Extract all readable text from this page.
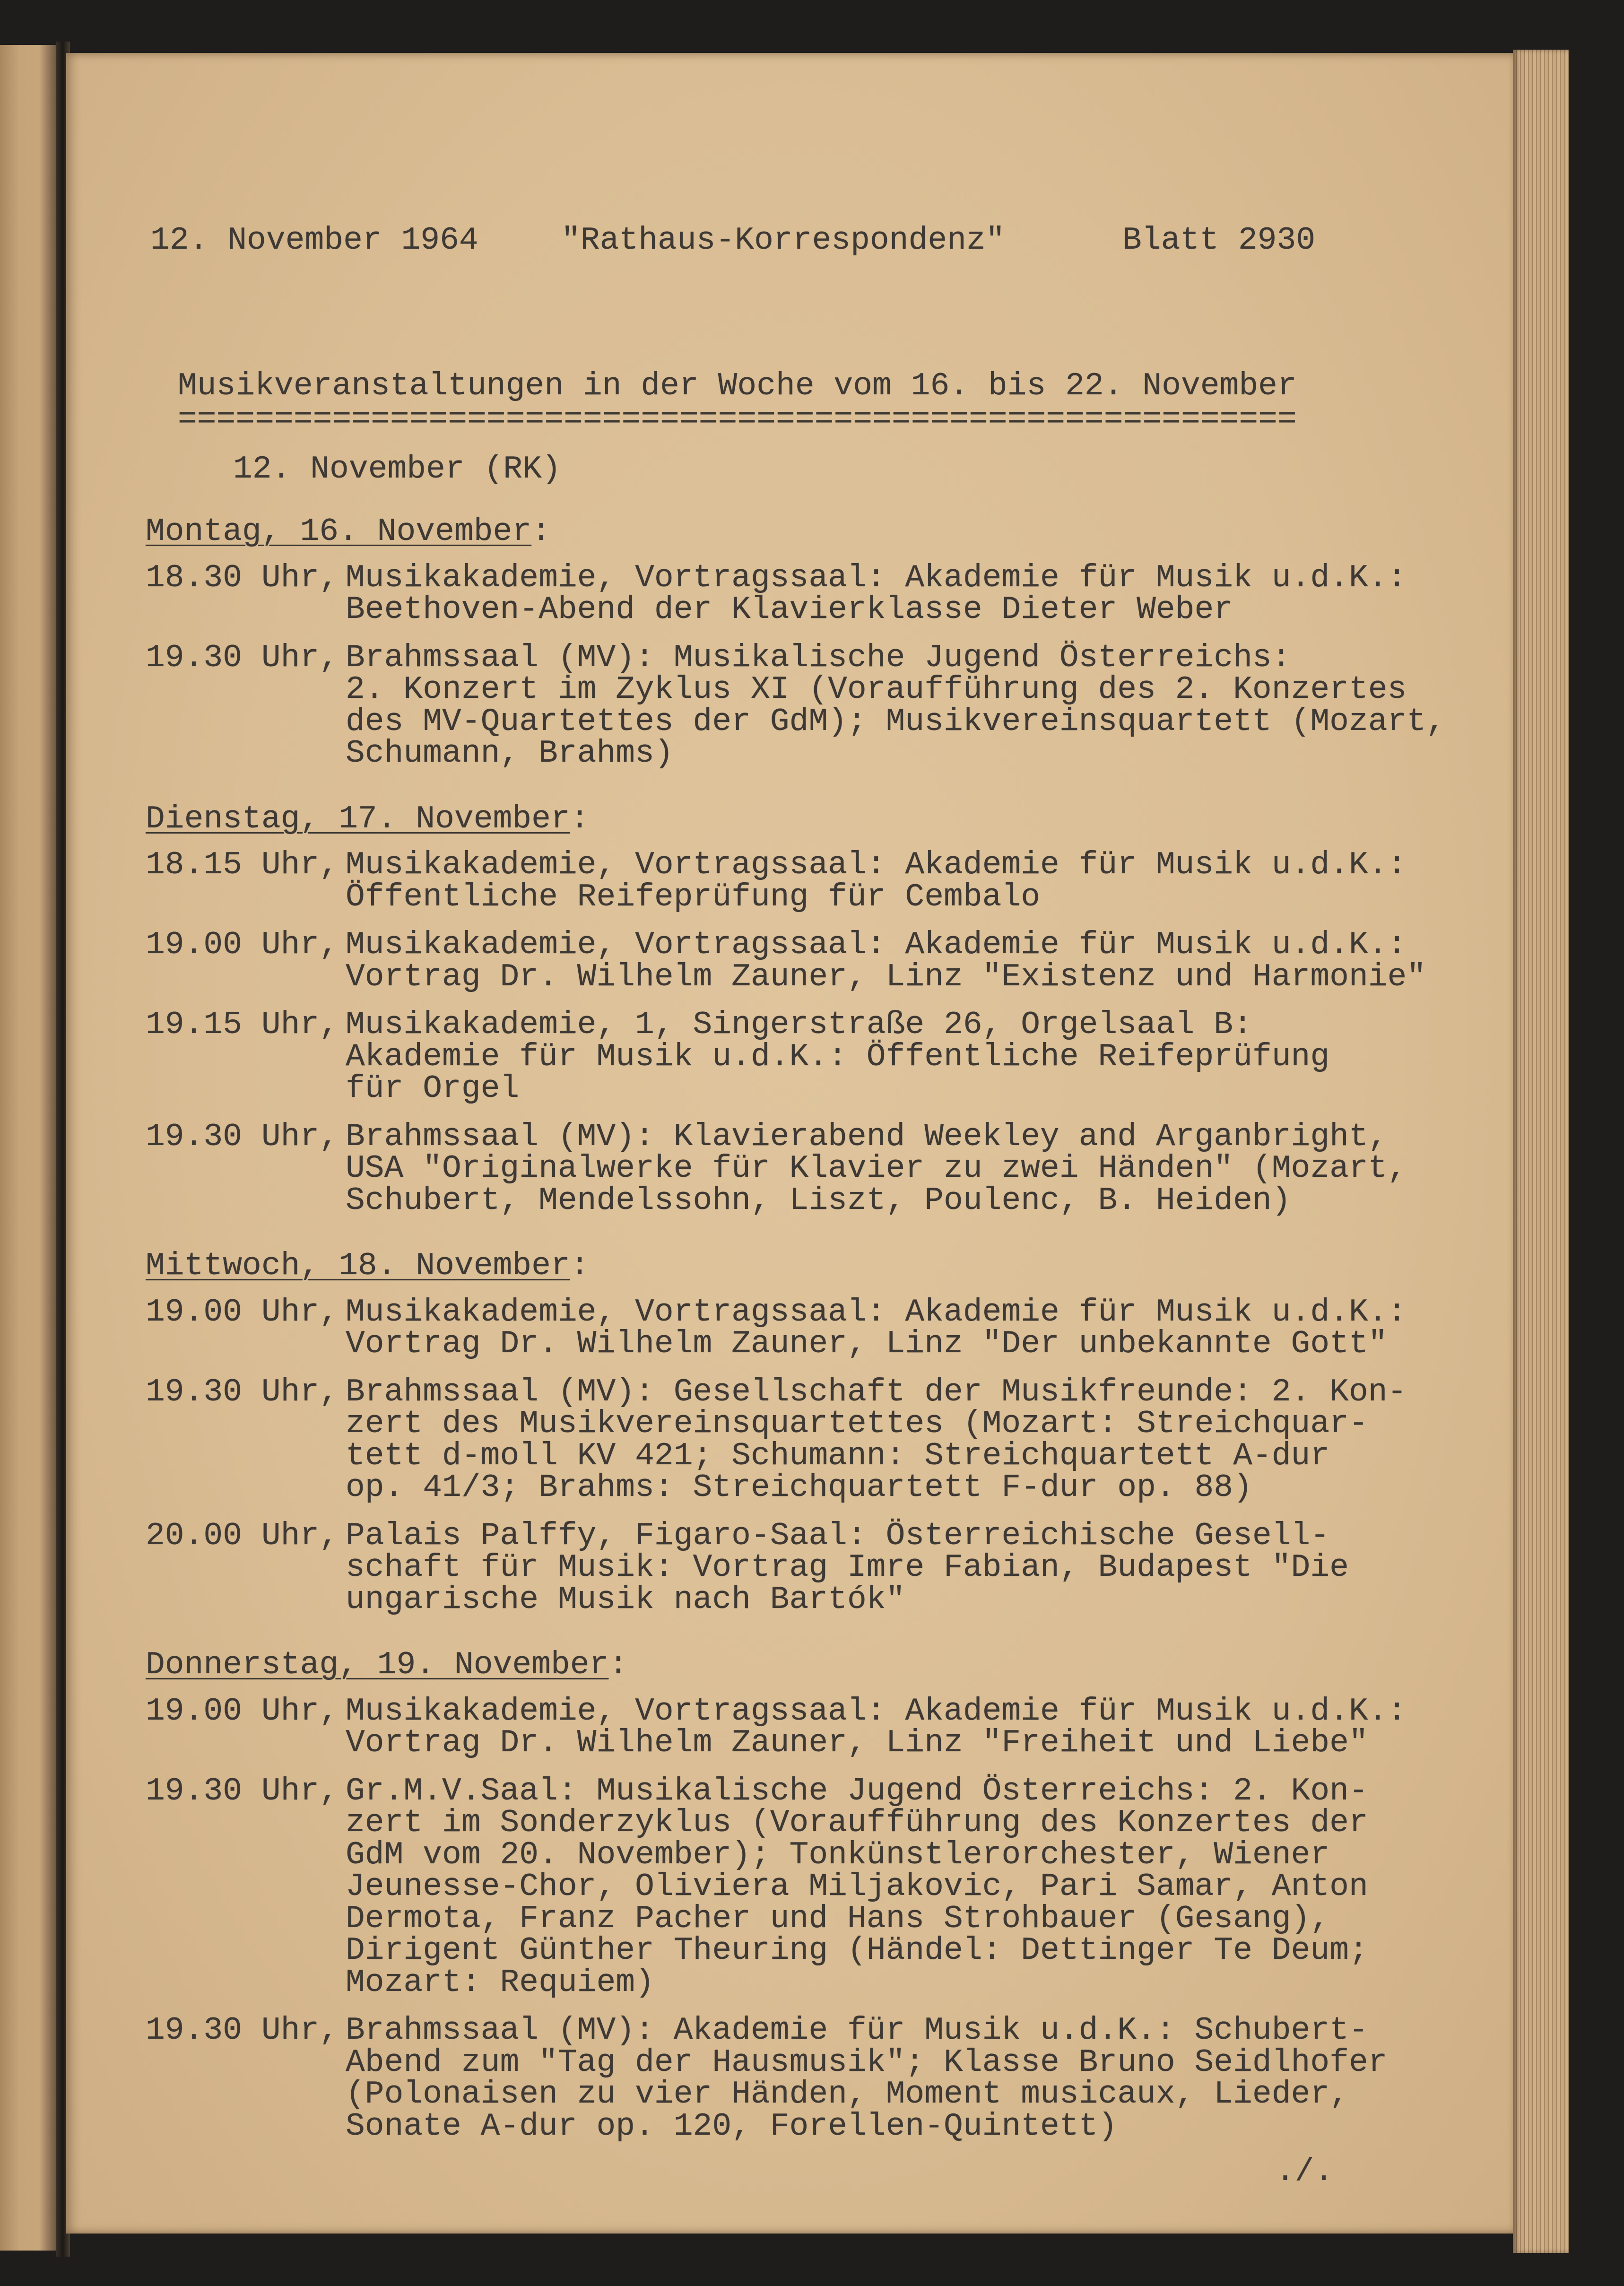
12. November 1964	"Rathaus-Korrespondenz"	Blatt 2930
Musikveranstaltungen in der Woche vom 16. bis 22. November
==========================================================
12. November (RK)
Montag, 16. November:
18.30 Uhr, Musikakademie, Vortragssaal: Akademie für Musik u.d.K.:
Beethoven-Abend der Klavierklasse Dieter Weber
19.30 Uhr, Brahmssaal (MV): Musikalische Jugend Österreichs:
2. Konzert im Zyklus XI (Voraufführung des 2. Konzertes
des MV-Quartettes der GdM); Musikvereinsquartett (Mozart,
Schumann, Brahms)
Dienstag, 17. November:
18.15 Uhr, Musikakademie, Vortragssaal: Akademie für Musik u.d.K.:
Öffentliche Reifeprüfung für Cembalo
19.00 Uhr, Musikakademie, Vortragssaal: Akademie für Musik u.d.K.:
Vortrag Dr. Wilhelm Zauner, Linz "Existenz und Harmonie"
19.15 Uhr, Musikakademie, 1, Singerstraße 26, Orgelsaal B:
Akademie für Musik u.d.K.: Öffentliche Reifeprüfung
für Orgel
19.30 Uhr, Brahmssaal (MV): Klavierabend Weekley and Arganbright,
USA "Originalwerke für Klavier zu zwei Händen" (Mozart,
Schubert, Mendelssohn, Liszt, Poulenc, B. Heiden)
Mittwoch, 18. November:
19.00 Uhr, Musikakademie, Vortragssaal: Akademie für Musik u.d.K.:
Vortrag Dr. Wilhelm Zauner, Linz "Der unbekannte Gott"
19.30 Uhr, Brahmssaal (MV): Gesellschaft der Musikfreunde: 2. Kon-
zert des Musikvereinsquartettes (Mozart: Streichquar-
tett d-moll KV 421; Schumann: Streichquartett A-dur
op. 41/3; Brahms: Streichquartett F-dur op. 88)
20.00 Uhr, Palais Palffy, Figaro-Saal: Österreichische Gesell-
schaft für Musik: Vortrag Imre Fabian, Budapest "Die
ungarische Musik nach Bartók"
Donnerstag, 19. November:
19.00 Uhr, Musikakademie, Vortragssaal: Akademie für Musik u.d.K.:
Vortrag Dr. Wilhelm Zauner, Linz "Freiheit und Liebe"
19.30 Uhr, Gr.M.V.Saal: Musikalische Jugend Österreichs: 2. Kon-
zert im Sonderzyklus (Voraufführung des Konzertes der
GdM vom 20. November); Tonkünstlerorchester, Wiener
Jeunesse-Chor, Oliviera Miljakovic, Pari Samar, Anton
Dermota, Franz Pacher und Hans Strohbauer (Gesang),
Dirigent Günther Theuring (Händel: Dettinger Te Deum;
Mozart: Requiem)
19.30 Uhr, Brahmssaal (MV): Akademie für Musik u.d.K.: Schubert-
Abend zum "Tag der Hausmusik"; Klasse Bruno Seidlhofer
(Polonaisen zu vier Händen, Moment musicaux, Lieder,
Sonate A-dur op. 120, Forellen-Quintett)
./.
